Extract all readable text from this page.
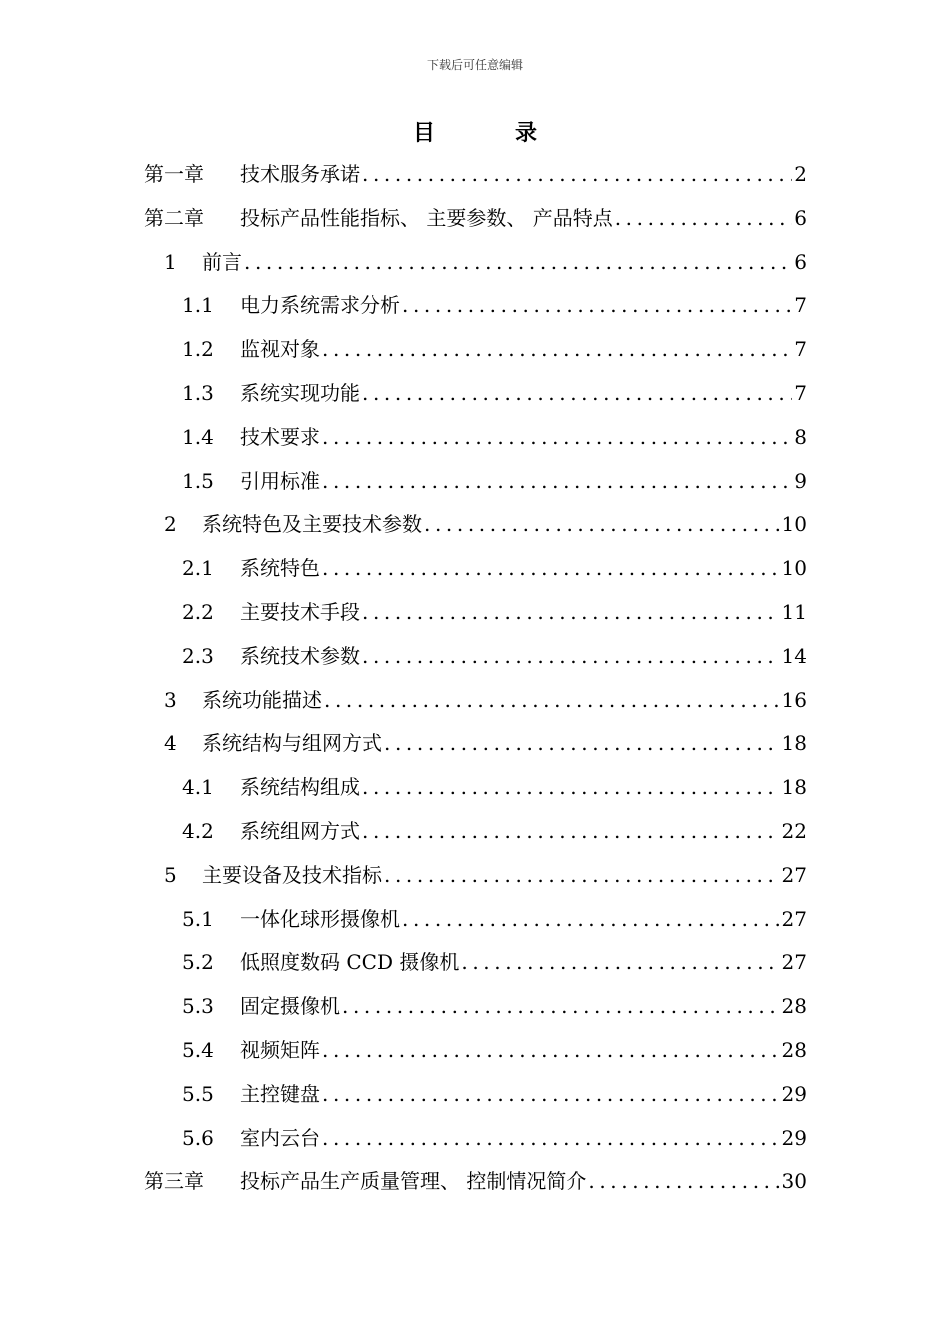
下载后可任意编辑
目	录
第一章	技术服务承诺 .....	2
第二章	投标产品性能指标、 主要参数、 产品特点 .....	6
1	前言 .....	6
1.1	电力系统需求分析 .....	7
1.2	监视对象 .....	7
1.3	系统实现功能 .....	7
1.4	技术要求 .....	8
1.5	引用标准 .....	9
2	系统特色及主要技术参数 .....	10
2.1	系统特色 .....	10
2.2	主要技术手段 .....	11
2.3	系统技术参数 .....	14
3	系统功能描述 .....	16
4	系统结构与组网方式 .....	18
4.1	系统结构组成 .....	18
4.2	系统组网方式 .....	22
5	主要设备及技术指标 .....	27
5.1	一体化球形摄像机 .....	27
5.2	低照度数码 CCD 摄像机 .....	27
5.3	固定摄像机 .....	28
5.4	视频矩阵 .....	28
5.5	主控键盘 .....	29
5.6	室内云台 .....	29
第三章	投标产品生产质量管理、 控制情况简介 .....	30
